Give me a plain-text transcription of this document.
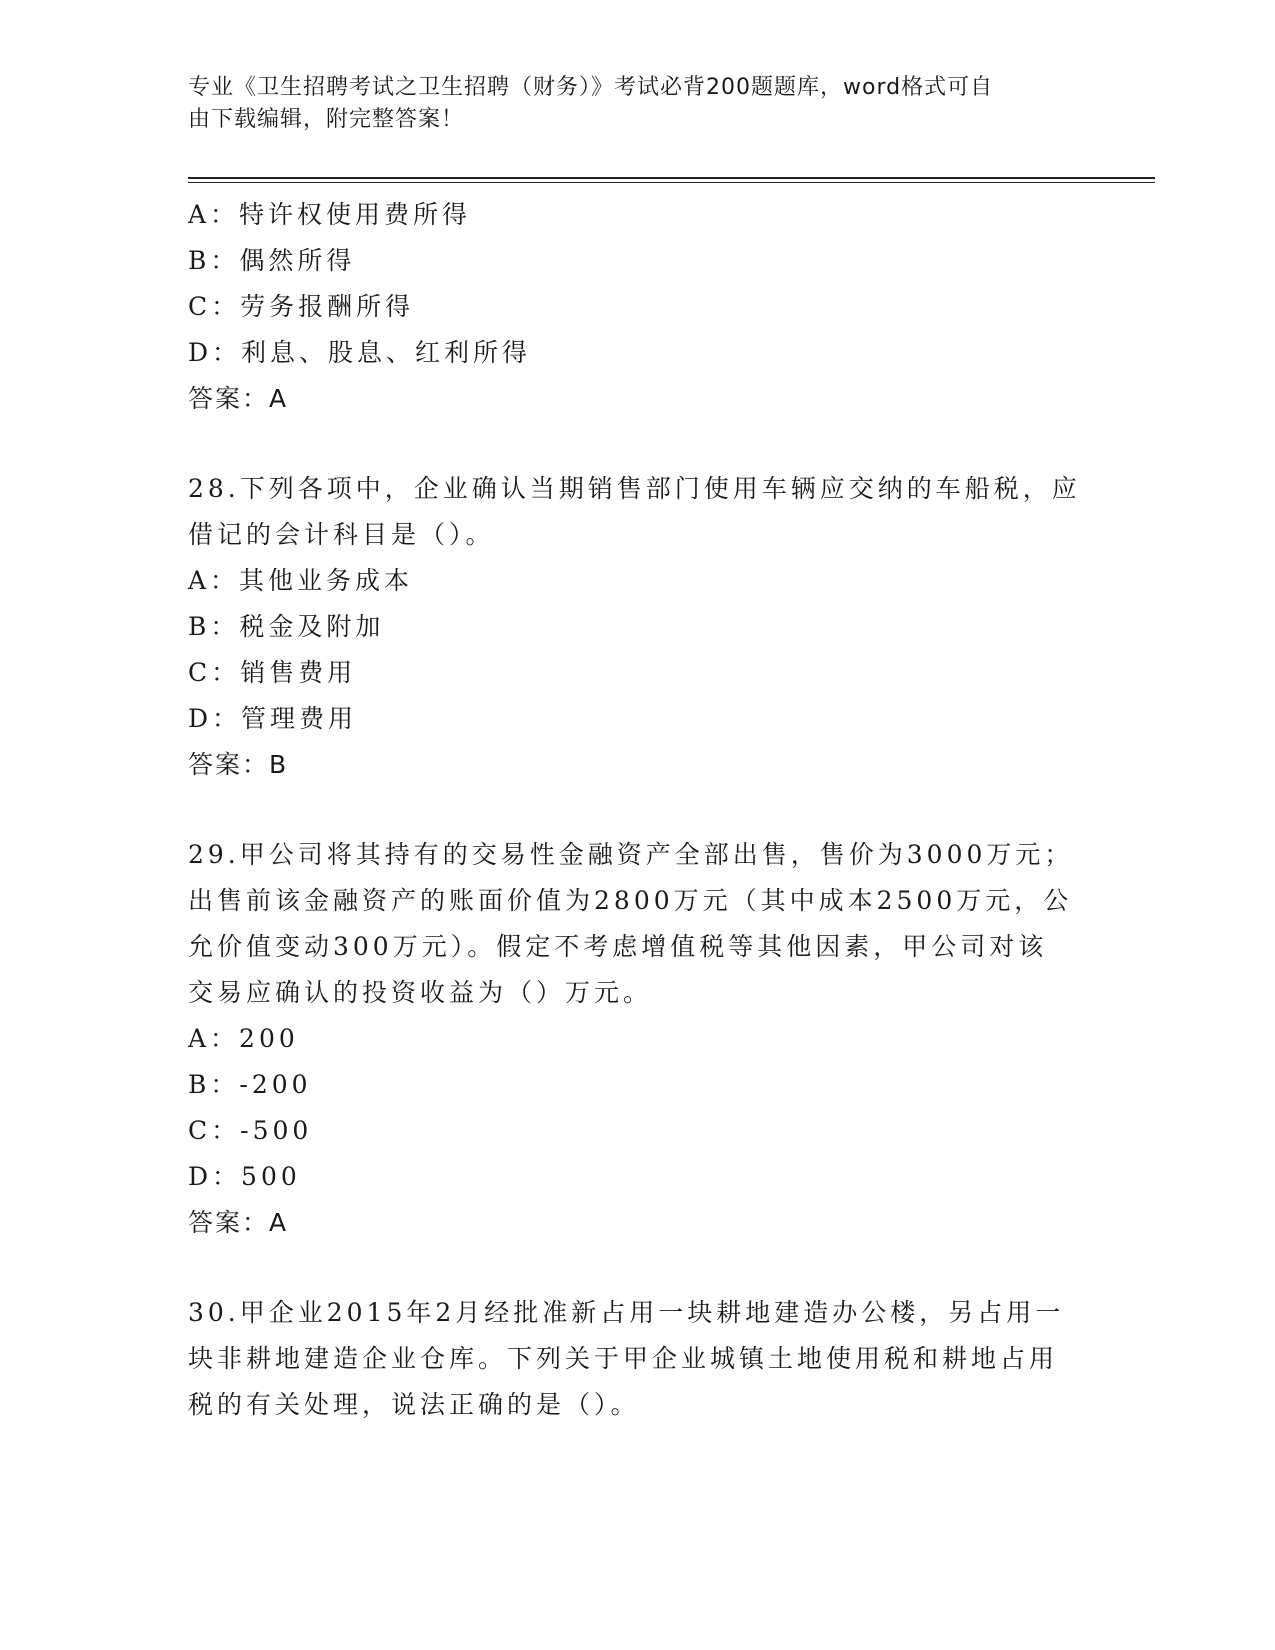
专业《卫生招聘考试之卫生招聘（财务）》考试必背200题题库，word格式可自
由下载编辑，附完整答案！
A：特许权使用费所得
B：偶然所得
C：劳务报酬所得
D：利息、股息、红利所得
答案：A
28.下列各项中，企业确认当期销售部门使用车辆应交纳的车船税，应
借记的会计科目是（）。
A：其他业务成本
B：税金及附加
C：销售费用
D：管理费用
答案：B
29.甲公司将其持有的交易性金融资产全部出售，售价为3000万元；
出售前该金融资产的账面价值为2800万元（其中成本2500万元，公
允价值变动300万元）。假定不考虑增值税等其他因素，甲公司对该
交易应确认的投资收益为（）万元。
A：200
B：-200
C：-500
D：500
答案：A
30.甲企业2015年2月经批准新占用一块耕地建造办公楼，另占用一
块非耕地建造企业仓库。下列关于甲企业城镇土地使用税和耕地占用
税的有关处理，说法正确的是（）。
